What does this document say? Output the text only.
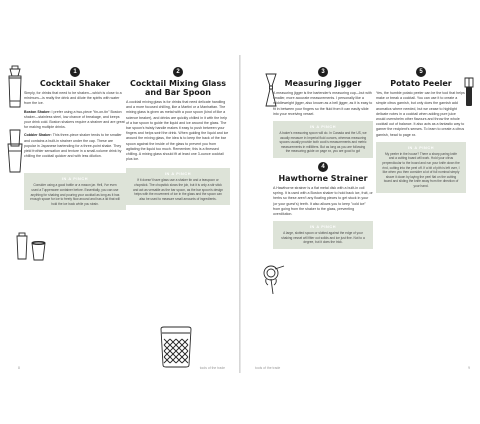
1
Cocktail Shaker

Simply, for drinks that need to be shaken—which is close to a minimum—is really the drink and dilute the spirits with water from the ice.

Boston Shaker: I prefer using a two-piece "tin-on-tin" Boston shaker—stainless steel, low chance of breakage, and keeps your drink cold. Boston shakers require a strainer and are great for making multiple drinks.

Cobbler Shaker: This three-piece shaker tends to be smaller and contains a built-in strainer under the cap. These are popular in Japanese bartending for a three-point shake. They yield frothier sensation and texture in a small-volume drink by chilling the cocktail quicker and with less dilution.

IN A PINCH
Consider using a good bottle or a mason jar. Hell, I've even used a Tupperware container before. Essentially, you can use anything for shaking and pouring your cocktail as long as it has enough space for ice to freely flow around and has a lid that will hold the ice back while you strain.
2
Cocktail Mixing Glass and Bar Spoon

A cocktail mixing glass is for drinks that need delicate handling and a more focused chilling, like a Martini or a Manhattan. The mixing glass is given as metal with a poor spoon (kind of like a science beaker), and drinks are quickly chilled in it with the help of a bar spoon to guide the liquid and ice around the glass. The bar spoon's twisty handle makes it easy to push between your fingers and helps swirl the drink. When guiding the liquid and ice around the mixing glass, the idea is to keep the back of the bar spoon against the inside of the glass to prevent you from agitating the liquid too much. Remember, this is a finessed chilling. A mixing glass should fit at least one 3-ounce cocktail plus ice.

IN A PINCH
If it doesn't have glass use a shaker tin and a teaspoon or chopstick. The chopstick slows the job, but it is only a stir stick and act as versatile as the bar spoon, as the bar spoon's design helps with the movement of ice in the glass and the spoon can also be used to measure small amounts of ingredients.
8	tools of the trade
3
Measuring Jigger

A measuring jigger is the bartender's measuring cup—but with smaller, more accurate measurements. I personally like a middleweight jigger, also known as a bell jigger, as it is easy to fit in between your fingers so the fluid from it can easily slide into your receiving vessel.

IN A PINCH
A baker's measuring spoon will do. In Canada and the US, we usually measure in Imperial fluid ounces, whereas measuring spoons usually provide both cook's measurements and metric measurements in milliliters. But as long as you are following the measuring guide on page xx, you are good to go!
4
Hawthorne Strainer

A Hawthorne strainer is a flat metal disk with a built-in coil spring. It is used with a Boston shaker to hold back ice, fruit, or herbs so these aren't any floating pieces to get stuck in your (or your guest's) teeth. It also allows you to keep "cold ice" from going from the shaker to the glass, preventing overdilution.

IN A PINCH
A large, slotted spoon or slotted against the edge of your shaking vessel will filter out solids and ice just fine. Not to a degree, but it does the trick.
5
Potato Peeler

Yes, the humble potato peeler can be the tool that helps make or break a cocktail. You can use it to create a simple citrus garnish, but only does the garnish add aromatics where needed, but we cease to highlight delicate notes in a cocktail when adding pure juice would overwhelm other flavours and throw the whole cocktail out of balance. It also acts as a fantastic way to garner the recipient's senses. To learn to create a citrus garnish, head to page xx.

IN A PINCH
My peeler in the house? There a sharp paring knife and a cutting board will work. Hold your citrus perpendicular to the board and run your knife down the rind, cutting into the peel off. If a bit of pith is left over, I like when you then consider a lot of full nominal simply shave it down by laying the peel flat on the cutting board and sliding the knife away from the direction of your hand.
tools of the trade	9
